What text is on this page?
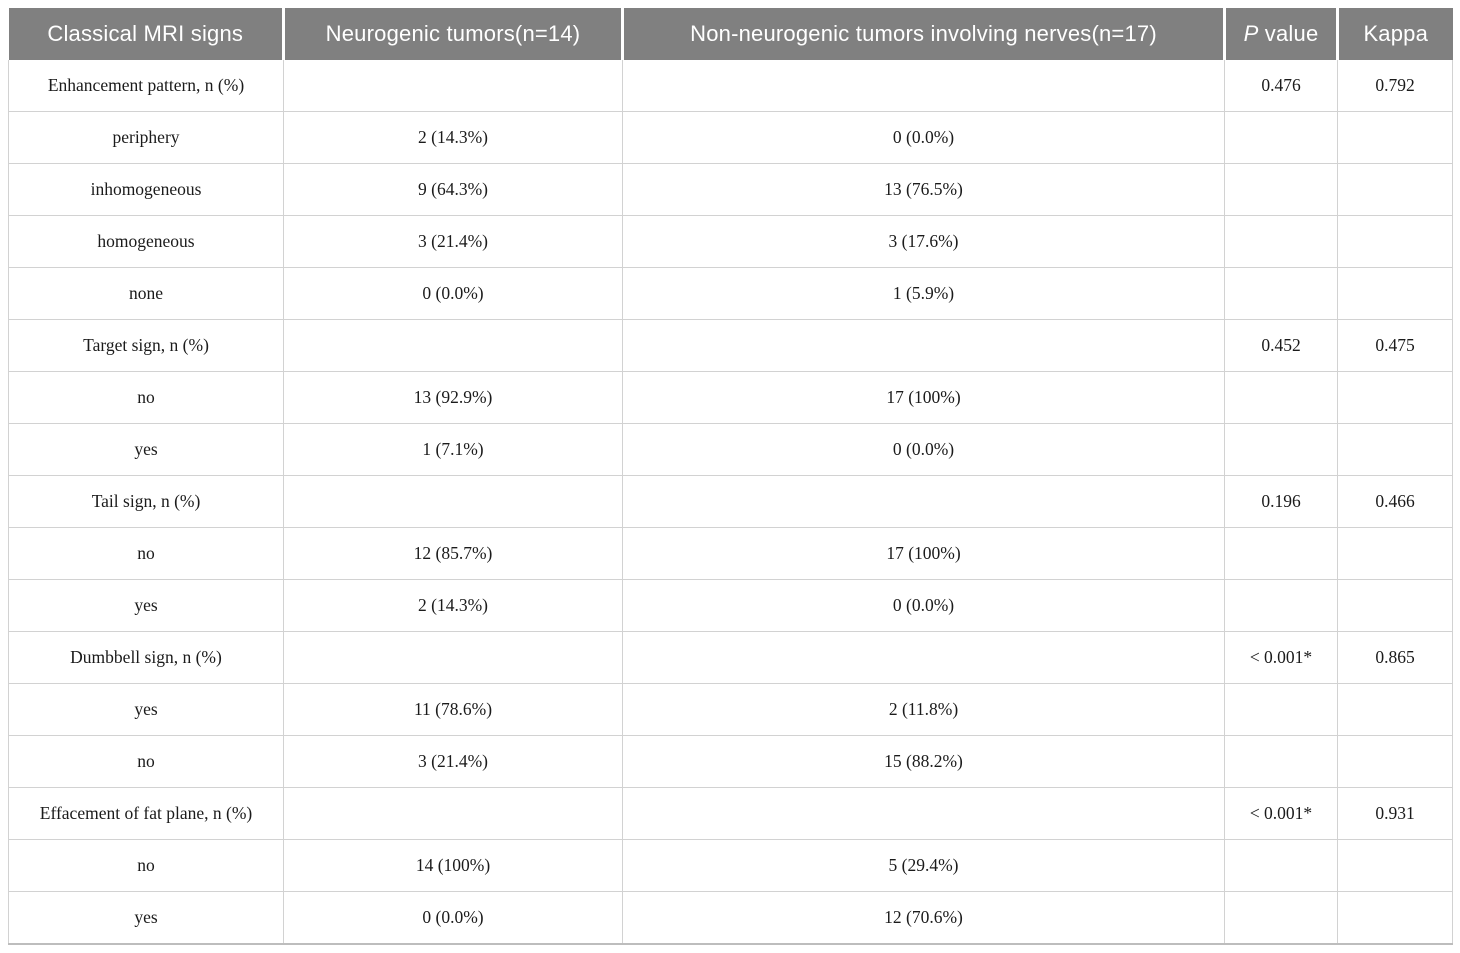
Classical MRI signs	Neurogenic tumors(n=14)	Non-neurogenic tumors involving nerves(n=17)	P value	Kappa
Enhancement pattern, n (%)			0.476	0.792
periphery	2 (14.3%)	0 (0.0%)		
inhomogeneous	9 (64.3%)	13 (76.5%)		
homogeneous	3 (21.4%)	3 (17.6%)		
none	0 (0.0%)	1 (5.9%)		
Target sign, n (%)			0.452	0.475
no	13 (92.9%)	17 (100%)		
yes	1 (7.1%)	0 (0.0%)		
Tail sign, n (%)			0.196	0.466
no	12 (85.7%)	17 (100%)		
yes	2 (14.3%)	0 (0.0%)		
Dumbbell sign, n (%)			< 0.001*	0.865
yes	11 (78.6%)	2 (11.8%)		
no	3 (21.4%)	15 (88.2%)		
Effacement of fat plane, n (%)			< 0.001*	0.931
no	14 (100%)	5 (29.4%)		
yes	0 (0.0%)	12 (70.6%)		
